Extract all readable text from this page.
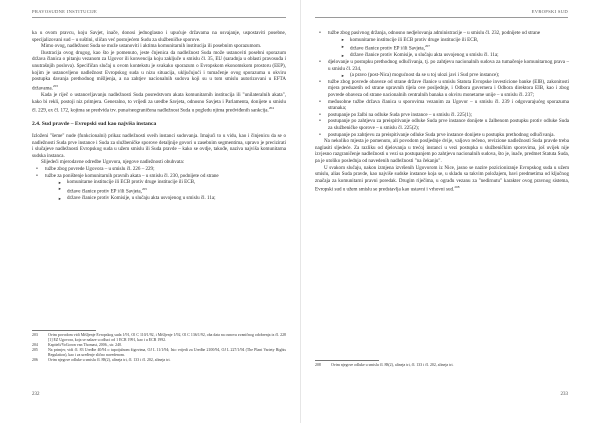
PRAVOSUDNE INSTITUCIJE

ka u ovom pravcu, koju Savjet, inače, donosi jednoglasno i upućuje državama na usvajanje, uspostaviti posebne, specijalizovani sud – u suštini, sličan već postojećem Sudu za službeničke sporove.

Mimo ovog, nadležnost Suda se može ustanoviti i aktima komunitarnih institucija ili posebnim sporazumom.

Ilustracija ovog drugog, kao što je pomenuto, jeste čnjenica da nadležnost Suda može ustanoviti posebni sporazum država članica o pitanju vezanom za Ugovor ili konvencija koju zaključe u smislu čl. 35, EU (saradnja u oblasti pravosuđa i unutrašnjih poslova). Specifičan slučaj u ovom kontekstu je svakako sporazum o Evropskom ekonomskom prostoru (EEP), kojim je ustanovljeno nadležnost Evropskog suda u nizu situacija, uključujući i tumačenje ovog sporazuma u okviru postupka davanja prethodnog mišljenja, a na zahtjev nacionalnih sudova koji su u tom smislu autorizovani u EFTA državama.$^{203}$

Kada je riječ o ustanovljavanju nadležnosti Suda posredstvom akata komunitarnih institucija ili "unilateralnih akata", kako bi rekli, postoji niz primjera. Generalno, to vrijedi za uredbe Savjeta, odnosno Savjeta i Parlamenta, donijete u smislu čl. 229, ex čl. 172, kojima se predvida trv. puna/neograničena nadležnost Suda u pogledu njima predviđenih sankcija.$^{204}$

2.4. Sud pravde – Evropski sud kao najviša instanca

Izloženi "šeme" nude (funkcionalni) prikaz nadležnosti sveih instanci sudovanja. Imajući to u vidu, kao i činjenicu da se o nadležnosti Suda prve instance i Suda za službeničke sporove detaljnije govori u zasebnim segmentima, upravo je precizirati i slučajeve nadležnosti Evropskog suda u užem smislu ili Suda pravde – kako se ovdje, takođe, naziva najviša komunitarna sudska instanca.

Slijedeći mjerodavne odredbe Ugovora, njegove nadležnosti obuhvata:

• tužbe zbog povrede Ugovora – u smislu čl. 226 – 229;
• tužbe za poništenje komunitarnih pravnih akata – u smislu čl. 230, podnijete od strane
► komunitarne institucije ili ECB protiv druge institucije ili ECB,
► države članice protiv EP i/ili Savjeta,$^{205}$
► države članice protiv Komisije, u slučaju akta usvojenog u smislu čl. 11a;
203	Ovim povodom vidi Mišljenje Evropskog suda 1/91, Ol C 110/1/92, i Mišljenje 1/92, Ol C 136/1/92, oba data na osnovu zvaničnog odobrenja iz čl. 228 [1] EZ Ugovora, koja se nalaze u odluci od 1 ECR 1991, kao i u ECR 1992.
204	Kapiteli/VoGoron van Thomast, 2006., str. 240.
205	Na primjer, vidi čl. 83 Uredbe 40/94 o tupoijalnom žigovima, OJ L 11/1/94; Isto vrijedi za Uredbe 2100/94, OJ L 227/1/94 (The Plant Variety Rights Regulation), kao i za uređenje slično navedenom.
206	Ovim njegove odluke u smislu čl. 88(2), alineja tri, čl. 133 i čl. 202, alineja tri.
232
EVROPSKI SUD
• tužbe zbog pasivnog držanja, odnosno nedjelovanja administracije – u smislu čl. 232, podnijete od strane
► komunitarne institucije ili ECB protiv druge institucije ili ECB,
► države članice protiv EP i/ili Savjeta,$^{207}$
► države članice protiv Komisije, u slučaju akta usvojenog u smislu čl. 11a;
• djelovanje u postupku prethodnog odlučivanja, tj. po zahtjevu nacionalnih sudova za tumačenje komunitarnog prava – u smislu čl. 234,
► (a pravo (post-Nica) mogućnost da se u toj ulozi javi i Sud prve instance);
• tužbe zbog povrede obaveze od strane države članice u smislu Statuta Evropske investicione banke (EIB), zakonitosti mjera preduzetih od strane upravnih tijela ove posljednje, i Odbora guvernera i Odbora direktora EIB, kao i zbog povrede obaveza od strane nacionalnih centralnih banaka u okviru monetarne unije – u smislu čl. 237;
• međusobne tužbe država članica u sporovima vezanim za Ugovor – u smislu čl. 239 i odgovarajućeg sporazuma stranaka;
• postupanje po žalbi na odluke Suda prve instance – u smislu čl. 225(1);
• postupanje po zahtjevu za preispitivanje odluke Suda prve instance donijete u žalbenom postupku protiv odluke Suda za službeničke sporove – u smislu čl. 225(2);
• postupanje po zahtjevu za preispitivanje odluke Suda prve instance donijete u postupku prethodnog odlučivanja.

Na nekoliko mjesta je pomenuto, ali povodom posljednje dvije, valjovo rečeno, revizione nadležnosti Suda pravde treba naglasiti sljedeće. Za razliku od djelovanja u trećoj instanci u vezi postupka u službeničkim sporovima, još uvijek nije izvjesno razgraničenje nadležnosti u vezi sa postupanjem po zahtjevu nacionalnih sudova, što je, inače, predmet Statuta Suda, pa je utoliko poslednja od navedenih nadležnosti "na čekanju".

U svakom slučaju, nakon izmjena izvršenih Ugovorom iz Nice, jasno se nazire pozicioniranje Evropskog suda u užem smislu, alias Suda pravde, kao najviše sudske instance koja se, u skladu sa takvim položajem, bavi predmetima od ključnog značaja za komunitarni pravni poredak. Drugim riječima, u ograđu vezanu za "nedirnutu" karakter ovog pravnog sistema, Evropski sud u užem smislu se predstavlja kao ustavni i vrhovni sud.$^{208}$

208	Ovim njegove odluke u smislu čl. 88(2), alineja tri, čl. 133 i čl. 202, alineja tri.
233
